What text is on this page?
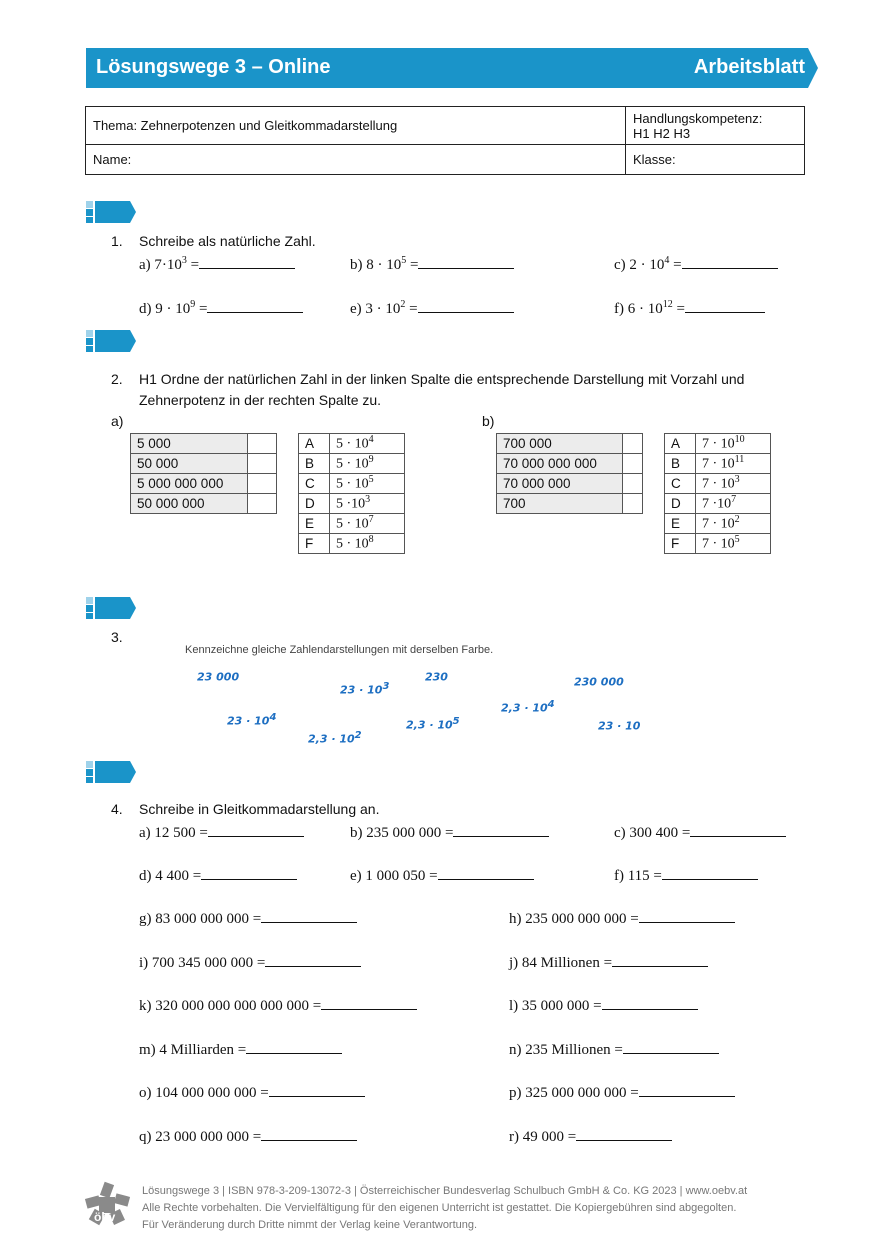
Lösungswege 3 – Online	Arbeitsblatt
Thema: Zehnerpotenzen und Gleitkommadarstellung	Handlungskompetenz:
H1 H2 H3

Name:	Klasse:
1. Schreibe als natürliche Zahl.
a) $7\cdot 10^3$ =	b) $8 \cdot 10^5$ =	c) $2 \cdot 10^4$ =
d) $9 \cdot 10^9$ =	e) $3 \cdot 10^2$ =	f) $6 \cdot 10^{12}$ =
2. H1 Ordne der natürlichen Zahl in der linken Spalte die entsprechende Darstellung mit Vorzahl und
Zehnerpotenz in der rechten Spalte zu.
a)	b)
5 000	
50 000	
5 000 000 000	
50 000 000	
A	$5 \cdot 10^4$
B	$5 \cdot 10^9$
C	$5 \cdot 10^5$
D	$5 \cdot 10^3$
E	$5 \cdot 10^7$
F	$5 \cdot 10^8$
700 000	
70 000 000 000	
70 000 000	
700	
A	$7 \cdot 10^{10}$
B	$7 \cdot 10^{11}$
C	$7 \cdot 10^3$
D	$7 \cdot 10^7$
E	$7 \cdot 10^2$
F	$7 \cdot 10^5$
3.
Kennzeichne gleiche Zahlendarstellungen mit derselben Farbe.
23 000
$23 \cdot 10^3$
230	230 000
$23 \cdot 10^4$
$2,3 \cdot 10^2$
$2,3 \cdot 10^5$
$2,3 \cdot 10^4$
23 · 10
4. Schreibe in Gleitkommadarstellung an.
a) 12 500 =	b) 235 000 000 =	c) 300 400 =
d) 4 400 =	e) 1 000 050 =	f) 115 =
g) 83 000 000 000 =	h) 235 000 000 000 =
i) 700 345 000 000 =	j) 84 Millionen =
k) 320 000 000 000 000 000 =	l) 35 000 000 =
m) 4 Milliarden =	n) 235 Millionen =
o) 104 000 000 000 =	p) 325 000 000 000 =
q) 23 000 000 000 =	r) 49 000 =
öbv
Lösungswege 3 | ISBN 978-3-209-13072-3 | Österreichischer Bundesverlag Schulbuch GmbH & Co. KG 2023 | www.oebv.at
Alle Rechte vorbehalten. Die Vervielfältigung für den eigenen Unterricht ist gestattet. Die Kopiergebühren sind abgegolten.
Für Veränderung durch Dritte nimmt der Verlag keine Verantwortung.
